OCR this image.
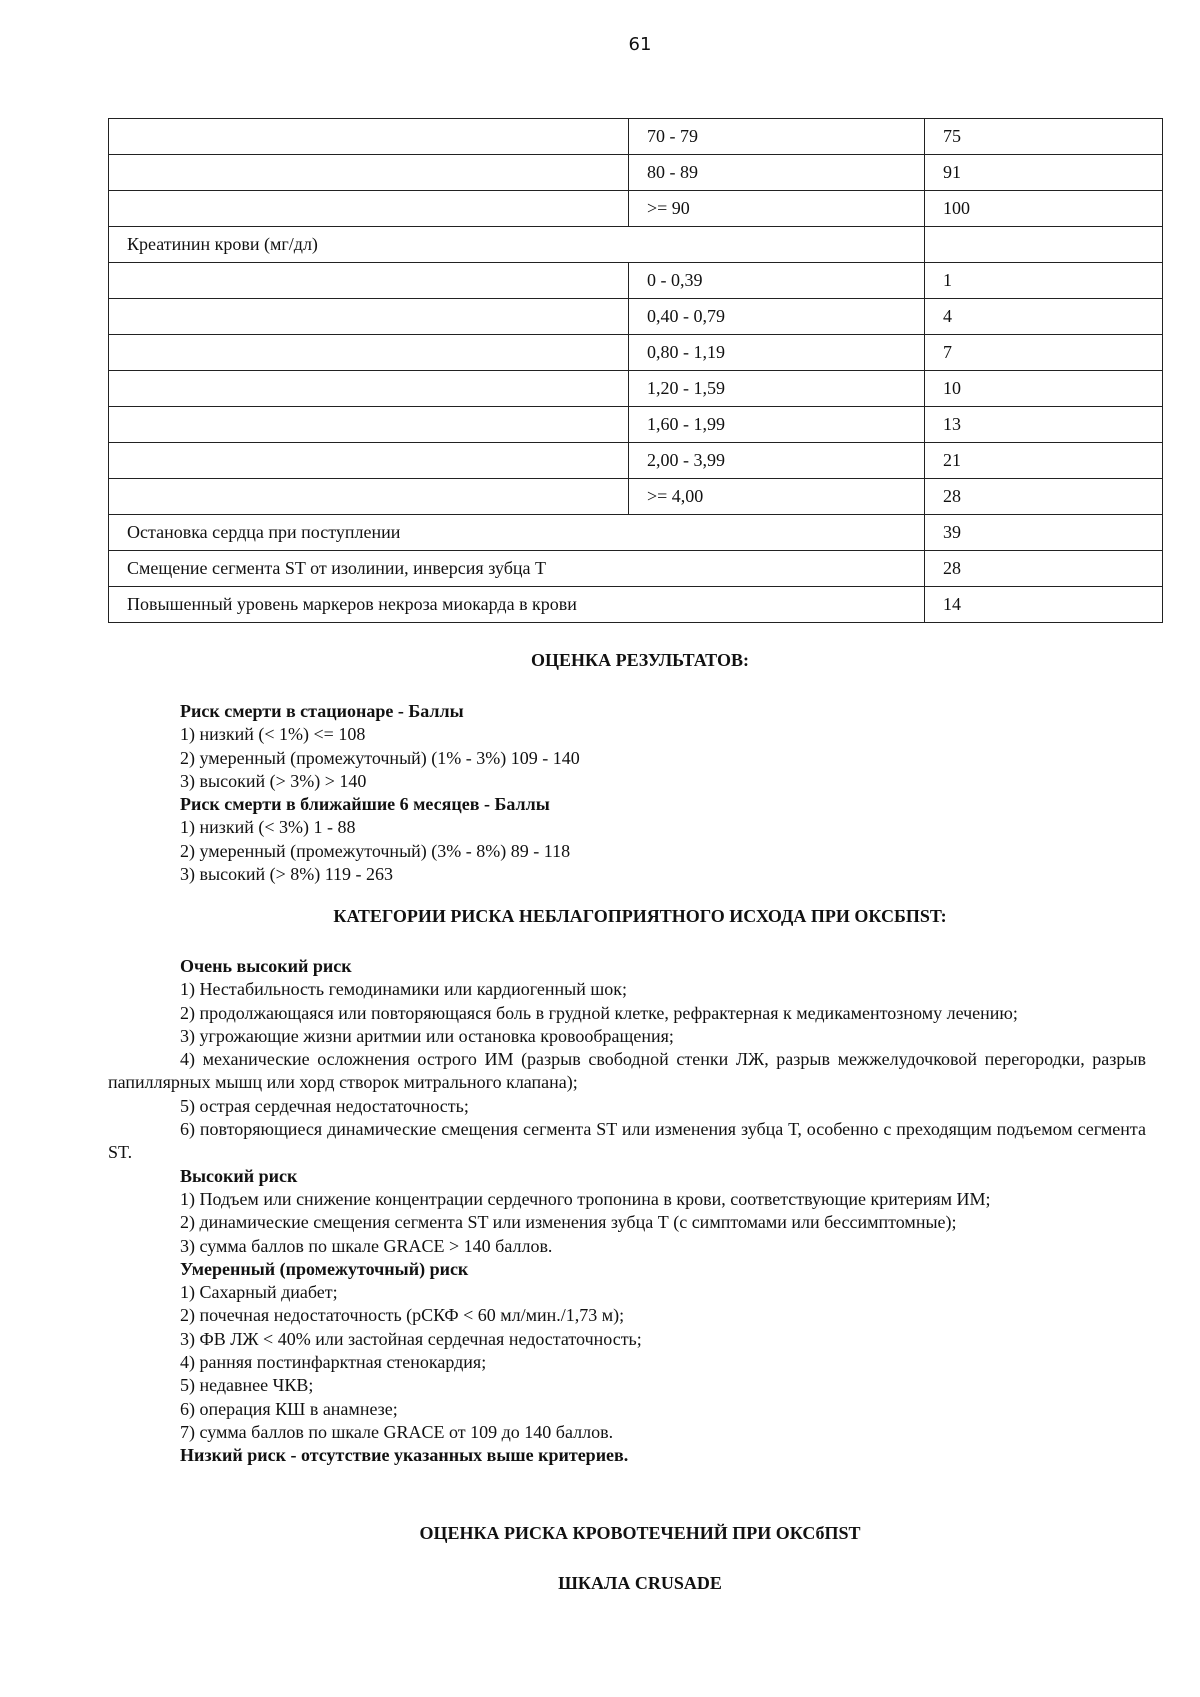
61
	70 - 79	75
	80 - 89	91
	>= 90	100
Креатинин крови (мг/дл)		
	0 - 0,39	1
	0,40 - 0,79	4
	0,80 - 1,19	7
	1,20 - 1,59	10
	1,60 - 1,99	13
	2,00 - 3,99	21
	>= 4,00	28
Остановка сердца при поступлении		39
Смещение сегмента ST от изолинии, инверсия зубца Т		28
Повышенный уровень маркеров некроза миокарда в крови		14
ОЦЕНКА РЕЗУЛЬТАТОВ:
Риск смерти в стационаре - Баллы
1) низкий (< 1%) <= 108
2) умеренный (промежуточный) (1% - 3%) 109 - 140
3) высокий (> 3%) > 140
Риск смерти в ближайшие 6 месяцев - Баллы
1) низкий (< 3%) 1 - 88
2) умеренный (промежуточный) (3% - 8%) 89 - 118
3) высокий (> 8%) 119 - 263
КАТЕГОРИИ РИСКА НЕБЛАГОПРИЯТНОГО ИСХОДА ПРИ ОКСБПST:
Очень высокий риск
1) Нестабильность гемодинамики или кардиогенный шок;
2) продолжающаяся или повторяющаяся боль в грудной клетке, рефрактерная к медикаментозному лечению;
3) угрожающие жизни аритмии или остановка кровообращения;
4) механические осложнения острого ИМ (разрыв свободной стенки ЛЖ, разрыв межжелудочковой перегородки, разрыв папиллярных мышц или хорд створок митрального клапана);
5) острая сердечная недостаточность;
6) повторяющиеся динамические смещения сегмента ST или изменения зубца Т, особенно с преходящим подъемом сегмента ST.
Высокий риск
1) Подъем или снижение концентрации сердечного тропонина в крови, соответствующие критериям ИМ;
2) динамические смещения сегмента ST или изменения зубца Т (с симптомами или бессимптомные);
3) сумма баллов по шкале GRACE > 140 баллов.
Умеренный (промежуточный) риск
1) Сахарный диабет;
2) почечная недостаточность (рСКФ < 60 мл/мин./1,73 м);
3) ФВ ЛЖ < 40% или застойная сердечная недостаточность;
4) ранняя постинфарктная стенокардия;
5) недавнее ЧКВ;
6) операция КШ в анамнезе;
7) сумма баллов по шкале GRACE от 109 до 140 баллов.
Низкий риск - отсутствие указанных выше критериев.
ОЦЕНКА РИСКА КРОВОТЕЧЕНИЙ ПРИ ОКСбПST
ШКАЛА CRUSADE
